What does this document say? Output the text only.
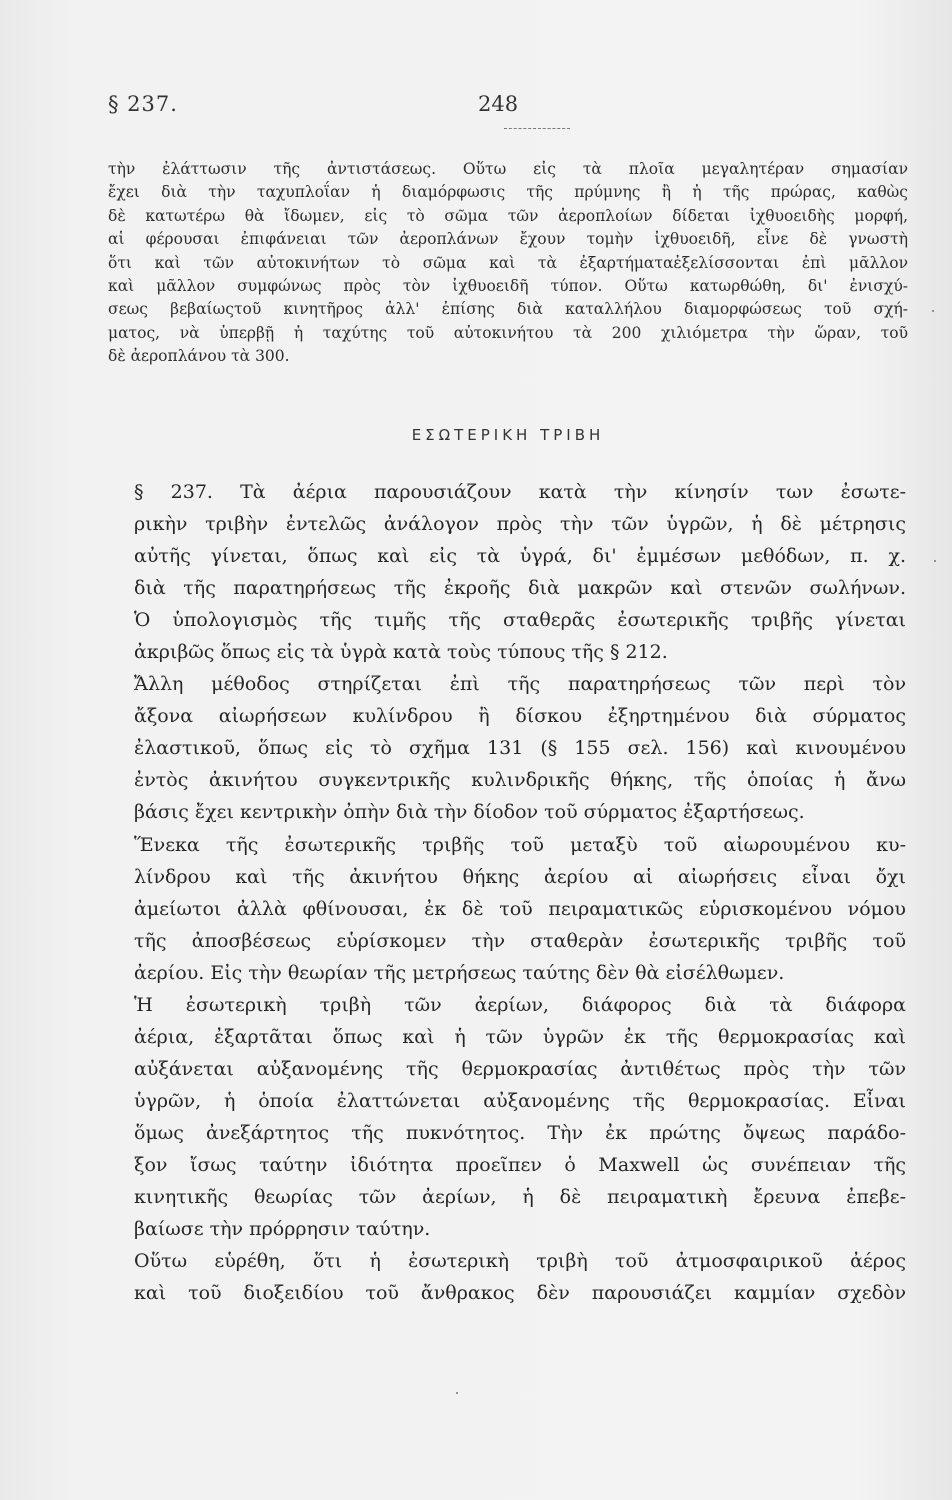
§ 237.	248
τὴν ἐλάττωσιν τῆς ἀντιστάσεως. Οὕτω εἰς τὰ πλοῖα μεγαλητέραν σημασίαν
ἔχει διὰ τὴν ταχυπλοΐαν ἡ διαμόρφωσις τῆς πρύμνης ἢ ἡ τῆς πρώρας, καθὼς
δὲ κατωτέρω θὰ ἴδωμεν, εἰς τὸ σῶμα τῶν ἀεροπλοίων δίδεται ἰχθυοειδὴς μορφή,
αἱ φέρουσαι ἐπιφάνειαι τῶν ἀεροπλάνων ἔχουν τομὴν ἰχθυοειδῆ, εἶνε δὲ γνωστὴ
ὅτι καὶ τῶν αὐτοκινήτων τὸ σῶμα καὶ τὰ ἐξαρτήματαἐξελίσσονται ἐπὶ μᾶλλον
καὶ μᾶλλον συμφώνως πρὸς τὸν ἰχθυοειδῆ τύπον. Οὕτω κατωρθώθη, δι' ἐνισχύ-
σεως βεβαίωςτοῦ κινητῆρος ἀλλ' ἐπίσης διὰ καταλλήλου διαμορφώσεως τοῦ σχή-
ματος, νὰ ὑπερβῇ ἡ ταχύτης τοῦ αὐτοκινήτου τὰ 200 χιλιόμετρα τὴν ὥραν, τοῦ
δὲ ἀεροπλάνου τὰ 300.
ΕΣΩΤΕΡΙΚΗ ΤΡΙΒΗ
§ 237. Τὰ ἀέρια παρουσιάζουν κατὰ τὴν κίνησίν των ἐσωτε-
ρικὴν τριβὴν ἐντελῶς ἀνάλογον πρὸς τὴν τῶν ὑγρῶν, ἡ δὲ μέτρησις
αὐτῆς γίνεται, ὅπως καὶ εἰς τὰ ὑγρά, δι' ἐμμέσων μεθόδων, π. χ.
διὰ τῆς παρατηρήσεως τῆς ἐκροῆς διὰ μακρῶν καὶ στενῶν σωλήνων.
Ὁ ὑπολογισμὸς τῆς τιμῆς τῆς σταθερᾶς ἐσωτερικῆς τριβῆς γίνεται
ἀκριβῶς ὅπως εἰς τὰ ὑγρὰ κατὰ τοὺς τύπους τῆς § 212.
Ἄλλη μέθοδος στηρίζεται ἐπὶ τῆς παρατηρήσεως τῶν περὶ τὸν
ἄξονα αἰωρήσεων κυλίνδρου ἢ δίσκου ἐξηρτημένου διὰ σύρματος
ἐλαστικοῦ, ὅπως εἰς τὸ σχῆμα 131 (§ 155 σελ. 156) καὶ κινουμένου
ἐντὸς ἀκινήτου συγκεντρικῆς κυλινδρικῆς θήκης, τῆς ὁποίας ἡ ἄνω
βάσις ἔχει κεντρικὴν ὀπὴν διὰ τὴν δίοδον τοῦ σύρματος ἐξαρτήσεως.
Ἕνεκα τῆς ἐσωτερικῆς τριβῆς τοῦ μεταξὺ τοῦ αἰωρουμένου κυ-
λίνδρου καὶ τῆς ἀκινήτου θήκης ἀερίου αἱ αἰωρήσεις εἶναι ὄχι
ἀμείωτοι ἀλλὰ φθίνουσαι, ἐκ δὲ τοῦ πειραματικῶς εὑρισκομένου νόμου
τῆς ἀποσβέσεως εὑρίσκομεν τὴν σταθερὰν ἐσωτερικῆς τριβῆς τοῦ
ἀερίου. Εἰς τὴν θεωρίαν τῆς μετρήσεως ταύτης δὲν θὰ εἰσέλθωμεν.
Ἡ ἐσωτερικὴ τριβὴ τῶν ἀερίων, διάφορος διὰ τὰ διάφορα
ἀέρια, ἐξαρτᾶται ὅπως καὶ ἡ τῶν ὑγρῶν ἐκ τῆς θερμοκρασίας καὶ
αὐξάνεται αὐξανομένης τῆς θερμοκρασίας ἀντιθέτως πρὸς τὴν τῶν
ὑγρῶν, ἡ ὁποία ἐλαττώνεται αὐξανομένης τῆς θερμοκρασίας. Εἶναι
ὅμως ἀνεξάρτητος τῆς πυκνότητος. Τὴν ἐκ πρώτης ὄψεως παράδο-
ξον ἴσως ταύτην ἰδιότητα προεῖπεν ὁ Maxwell ὡς συνέπειαν τῆς
κινητικῆς θεωρίας τῶν ἀερίων, ἡ δὲ πειραματικὴ ἔρευνα ἐπεβε-
βαίωσε τὴν πρόρρησιν ταύτην.
Οὕτω εὑρέθη, ὅτι ἡ ἐσωτερικὴ τριβὴ τοῦ ἀτμοσφαιρικοῦ ἀέρος
καὶ τοῦ διοξειδίου τοῦ ἄνθρακος δὲν παρουσιάζει καμμίαν σχεδὸν
